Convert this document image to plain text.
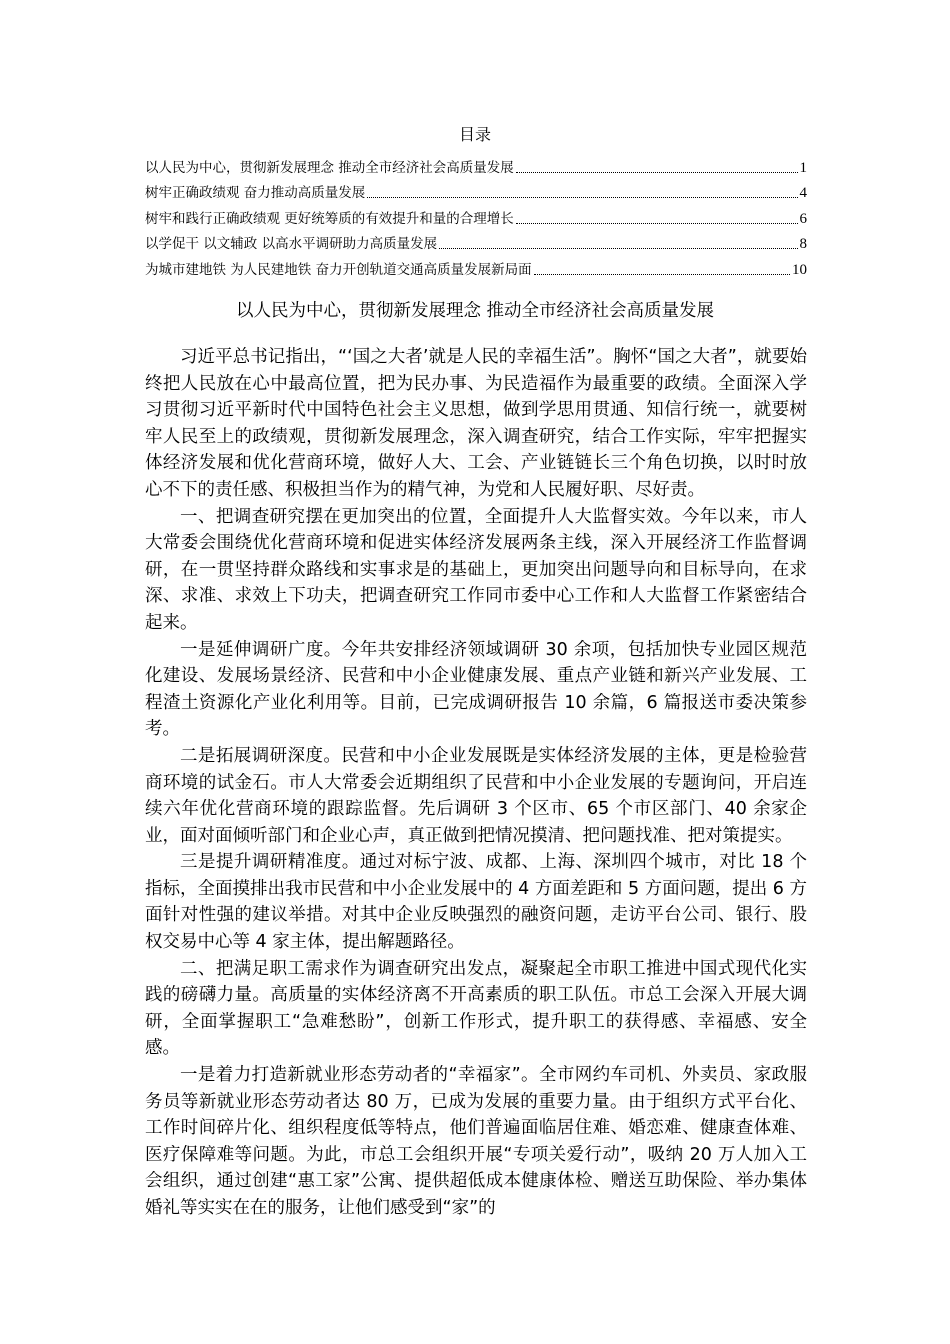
目录
以人民为中心，贯彻新发展理念 推动全市经济社会高质量发展	1
树牢正确政绩观 奋力推动高质量发展	4
树牢和践行正确政绩观 更好统筹质的有效提升和量的合理增长	6
以学促干 以文辅政 以高水平调研助力高质量发展	8
为城市建地铁 为人民建地铁 奋力开创轨道交通高质量发展新局面	10
以人民为中心，贯彻新发展理念 推动全市经济社会高质量发展

习近平总书记指出，“‘国之大者’就是人民的幸福生活”。胸怀“国之大者”，就要始终把人民放在心中最高位置，把为民办事、为民造福作为最重要的政绩。全面深入学习贯彻习近平新时代中国特色社会主义思想，做到学思用贯通、知信行统一，就要树牢人民至上的政绩观，贯彻新发展理念，深入调查研究，结合工作实际，牢牢把握实体经济发展和优化营商环境，做好人大、工会、产业链链长三个角色切换，以时时放心不下的责任感、积极担当作为的精气神，为党和人民履好职、尽好责。

一、把调查研究摆在更加突出的位置，全面提升人大监督实效。今年以来，市人大常委会围绕优化营商环境和促进实体经济发展两条主线，深入开展经济工作监督调研，在一贯坚持群众路线和实事求是的基础上，更加突出问题导向和目标导向，在求深、求准、求效上下功夫，把调查研究工作同市委中心工作和人大监督工作紧密结合起来。

一是延伸调研广度。今年共安排经济领域调研 30 余项，包括加快专业园区规范化建设、发展场景经济、民营和中小企业健康发展、重点产业链和新兴产业发展、工程渣土资源化产业化利用等。目前，已完成调研报告 10 余篇，6 篇报送市委决策参考。

二是拓展调研深度。民营和中小企业发展既是实体经济发展的主体，更是检验营商环境的试金石。市人大常委会近期组织了民营和中小企业发展的专题询问，开启连续六年优化营商环境的跟踪监督。先后调研 3 个区市、65 个市区部门、40 余家企业，面对面倾听部门和企业心声，真正做到把情况摸清、把问题找准、把对策提实。

三是提升调研精准度。通过对标宁波、成都、上海、深圳四个城市，对比 18 个指标，全面摸排出我市民营和中小企业发展中的 4 方面差距和 5 方面问题，提出 6 方面针对性强的建议举措。对其中企业反映强烈的融资问题，走访平台公司、银行、股权交易中心等 4 家主体，提出解题路径。

二、把满足职工需求作为调查研究出发点，凝聚起全市职工推进中国式现代化实践的磅礴力量。高质量的实体经济离不开高素质的职工队伍。市总工会深入开展大调研，全面掌握职工“急难愁盼”，创新工作形式，提升职工的获得感、幸福感、安全感。

一是着力打造新就业形态劳动者的“幸福家”。全市网约车司机、外卖员、家政服务员等新就业形态劳动者达 80 万，已成为发展的重要力量。由于组织方式平台化、工作时间碎片化、组织程度低等特点，他们普遍面临居住难、婚恋难、健康查体难、医疗保障难等问题。为此，市总工会组织开展“专项关爱行动”，吸纳 20 万人加入工会组织，通过创建“惠工家”公寓、提供超低成本健康体检、赠送互助保险、举办集体婚礼等实实在在的服务，让他们感受到“家”的
